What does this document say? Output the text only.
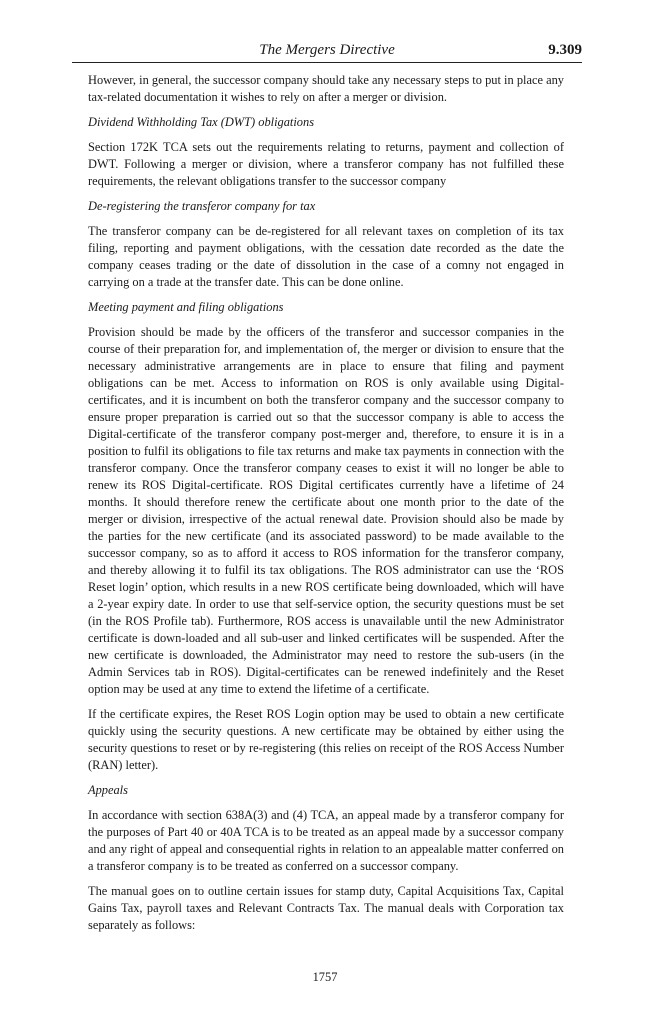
The Mergers Directive	9.309

However, in general, the successor company should take any necessary steps to put in place any tax-related documentation it wishes to rely on after a merger or division.

Dividend Withholding Tax (DWT) obligations

Section 172K TCA sets out the requirements relating to returns, payment and collection of DWT. Following a merger or division, where a transferor company has not fulfilled these requirements, the relevant obligations transfer to the successor company

De-registering the transferor company for tax

The transferor company can be de-registered for all relevant taxes on completion of its tax filing, reporting and payment obligations, with the cessation date recorded as the date the company ceases trading or the date of dissolution in the case of a comny not engaged in carrying on a trade at the transfer date. This can be done online.

Meeting payment and filing obligations

Provision should be made by the officers of the transferor and successor companies in the course of their preparation for, and implementation of, the merger or division to ensure that the necessary administrative arrangements are in place to ensure that filing and payment obligations can be met. Access to information on ROS is only available using Digital-certificates, and it is incumbent on both the transferor company and the successor company to ensure proper preparation is carried out so that the successor company is able to access the Digital-certificate of the transferor company post-merger and, therefore, to ensure it is in a position to fulfil its obligations to file tax returns and make tax payments in connection with the transferor company. Once the transferor company ceases to exist it will no longer be able to renew its ROS Digital-certificate. ROS Digital certificates currently have a lifetime of 24 months. It should therefore renew the certificate about one month prior to the date of the merger or division, irrespective of the actual renewal date. Provision should also be made by the parties for the new certificate (and its associated password) to be made available to the successor company, so as to afford it access to ROS information for the transferor company, and thereby allowing it to fulfil its tax obligations. The ROS administrator can use the ‘ROS Reset login’ option, which results in a new ROS certificate being downloaded, which will have a 2-year expiry date. In order to use that self-service option, the security questions must be set (in the ROS Profile tab). Furthermore, ROS access is unavailable until the new Administrator certificate is down-loaded and all sub-user and linked certificates will be suspended. After the new certificate is downloaded, the Administrator may need to restore the sub-users (in the Admin Services tab in ROS). Digital-certificates can be renewed indefinitely and the Reset option may be used at any time to extend the lifetime of a certificate.

If the certificate expires, the Reset ROS Login option may be used to obtain a new certificate quickly using the security questions. A new certificate may be obtained by either using the security questions to reset or by re-registering (this relies on receipt of the ROS Access Number (RAN) letter).

Appeals

In accordance with section 638A(3) and (4) TCA, an appeal made by a transferor company for the purposes of Part 40 or 40A TCA is to be treated as an appeal made by a successor company and any right of appeal and consequential rights in relation to an appealable matter conferred on a transferor company is to be treated as conferred on a successor company.

The manual goes on to outline certain issues for stamp duty, Capital Acquisitions Tax, Capital Gains Tax, payroll taxes and Relevant Contracts Tax. The manual deals with Corporation tax separately as follows:

1757
